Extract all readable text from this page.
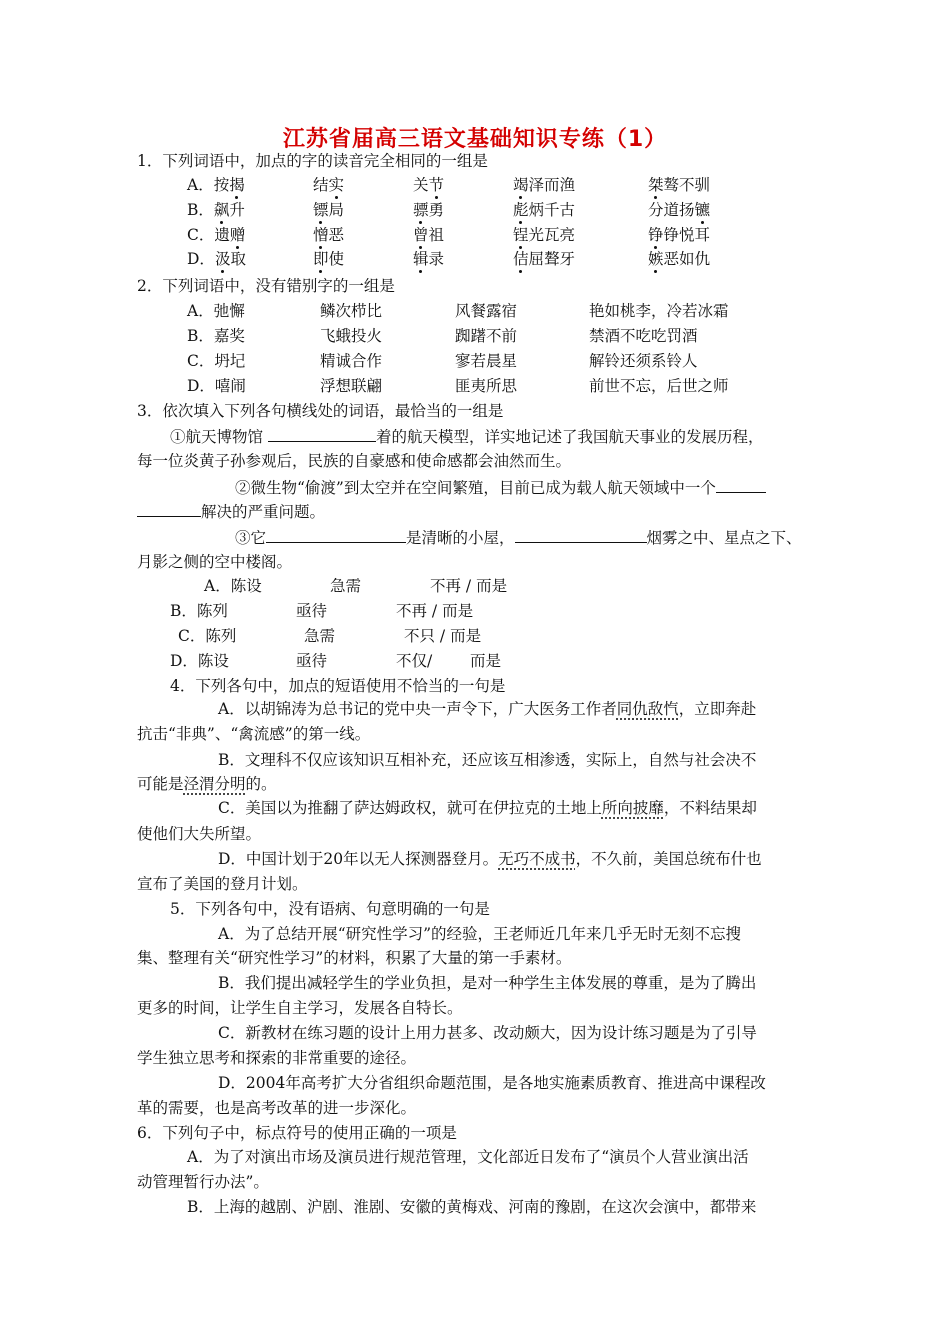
江苏省届高三语文基础知识专练（1）
1．下列词语中，加点的字的读音完全相同的一组是
A．按揭	结实	关节	竭泽而渔	桀骜不驯
B．飙升	镖局	骠勇	彪炳千古	分道扬镳
C．遗赠	憎恶	曾祖	锃光瓦亮	铮铮悦耳
D．汲取	即使	辑录	佶屈聱牙	嫉恶如仇
2．下列词语中，没有错别字的一组是
A．弛懈	鳞次栉比	风餐露宿	艳如桃李，冷若冰霜
B．嘉奖	飞蛾投火	踟躇不前	禁酒不吃吃罚酒
C．坍圮	精诚合作	寥若晨星	解铃还须系铃人
D．嘻闹	浮想联翩	匪夷所思	前世不忘，后世之师
3．依次填入下列各句横线处的词语，最恰当的一组是
①航天博物馆	着的航天模型，详实地记述了我国航天事业的发展历程，
每一位炎黄子孙参观后，民族的自豪感和使命感都会油然而生。
②微生物“偷渡”到太空并在空间繁殖，目前已成为载人航天领域中一个
解决的严重问题。
③它	是清晰的小屋，	烟雾之中、星点之下、
月影之侧的空中楼阁。
A．陈设	急需	不再 / 而是
B．陈列	亟待	不再 / 而是
C．陈列	急需	不只 / 而是
D．陈设	亟待	不仅/ 而是
4．下列各句中，加点的短语使用不恰当的一句是
A．以胡锦涛为总书记的党中央一声令下，广大医务工作者同仇敌忾，立即奔赴
抗击“非典”、“禽流感”的第一线。
B．文理科不仅应该知识互相补充，还应该互相渗透，实际上，自然与社会决不
可能是泾渭分明的。
C．美国以为推翻了萨达姆政权，就可在伊拉克的土地上所向披靡，不料结果却
使他们大失所望。
D．中国计划于20年以无人探测器登月。无巧不成书，不久前，美国总统布什也
宣布了美国的登月计划。
5．下列各句中，没有语病、句意明确的一句是
A．为了总结开展“研究性学习”的经验，王老师近几年来几乎无时无刻不忘搜
集、整理有关“研究性学习”的材料，积累了大量的第一手素材。
B．我们提出减轻学生的学业负担，是对一种学生主体发展的尊重，是为了腾出
更多的时间，让学生自主学习，发展各自特长。
C．新教材在练习题的设计上用力甚多、改动颇大，因为设计练习题是为了引导
学生独立思考和探索的非常重要的途径。
D．2004年高考扩大分省组织命题范围，是各地实施素质教育、推进高中课程改
革的需要，也是高考改革的进一步深化。
6．下列句子中，标点符号的使用正确的一项是
A．为了对演出市场及演员进行规范管理，文化部近日发布了“演员个人营业演出活
动管理暂行办法”。
B．上海的越剧、沪剧、淮剧、安徽的黄梅戏、河南的豫剧，在这次会演中，都带来
